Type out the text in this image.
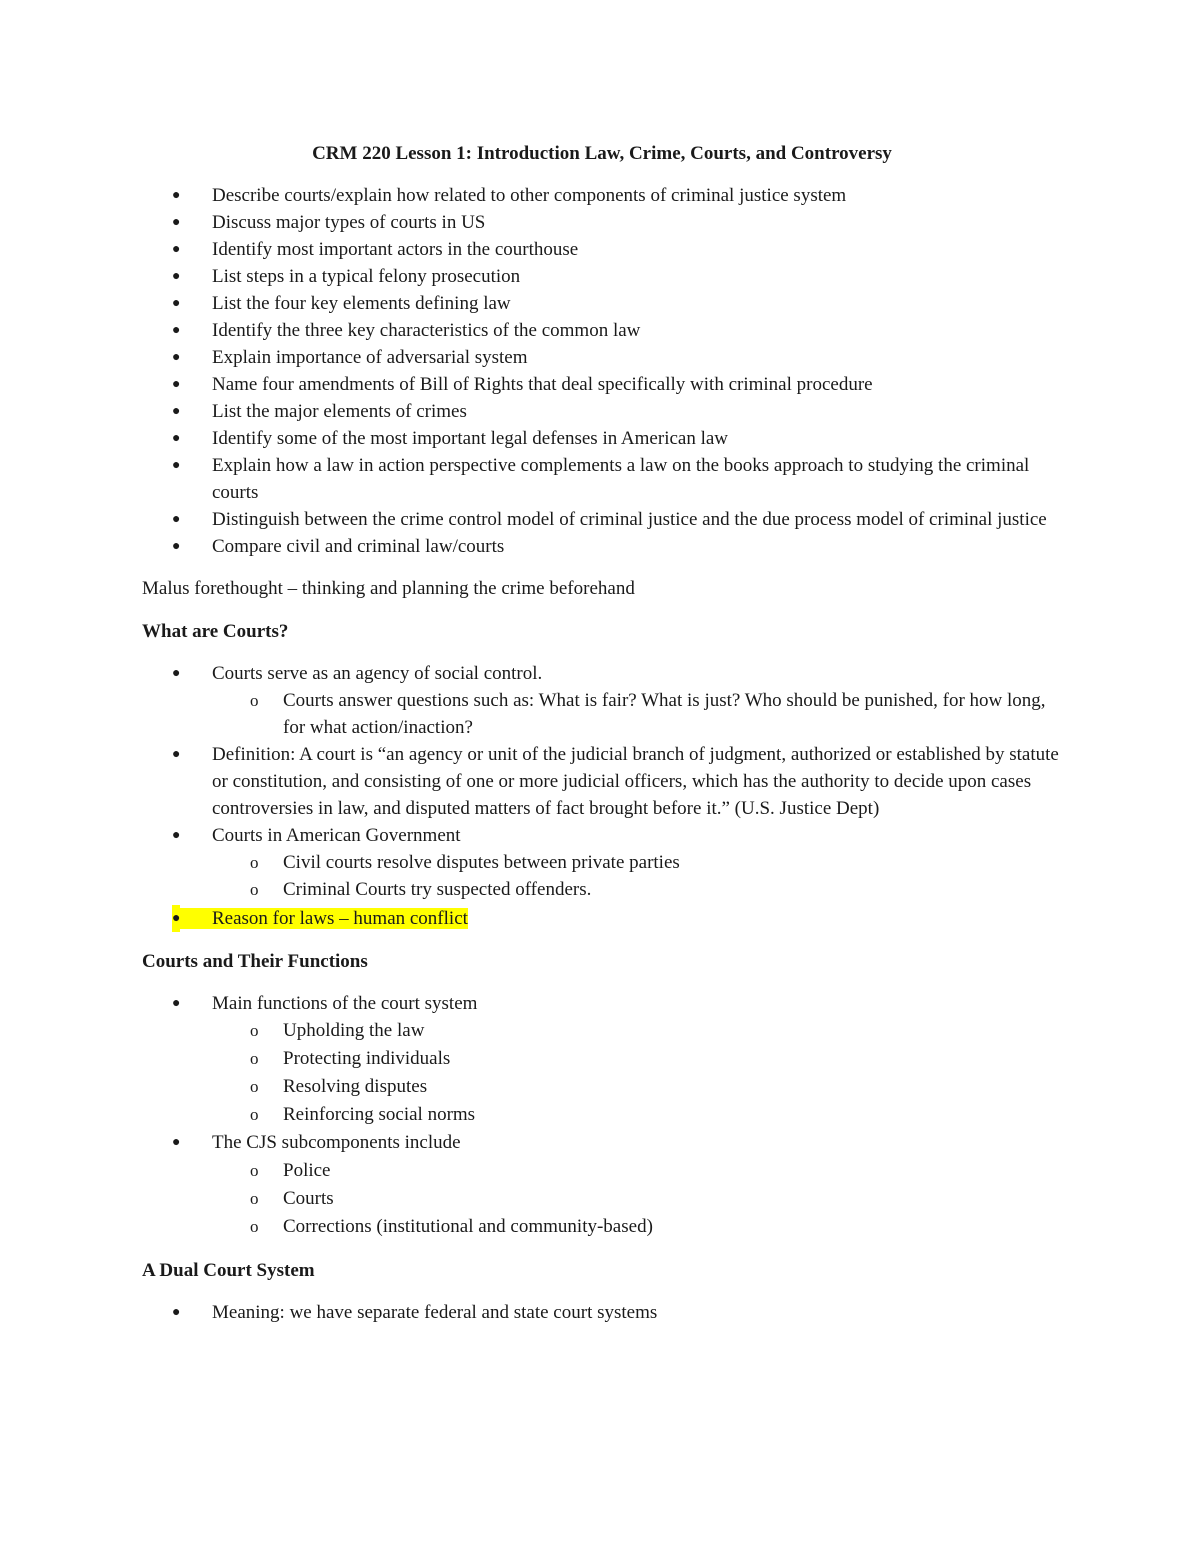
CRM 220 Lesson 1: Introduction Law, Crime, Courts, and Controversy
● Describe courts/explain how related to other components of criminal justice system
● Discuss major types of courts in US
● Identify most important actors in the courthouse
● List steps in a typical felony prosecution
● List the four key elements defining law
● Identify the three key characteristics of the common law
● Explain importance of adversarial system
● Name four amendments of Bill of Rights that deal specifically with criminal procedure
● List the major elements of crimes
● Identify some of the most important legal defenses in American law
● Explain how a law in action perspective complements a law on the books approach to studying the criminal courts
● Distinguish between the crime control model of criminal justice and the due process model of criminal justice
● Compare civil and criminal law/courts
Malus forethought – thinking and planning the crime beforehand
What are Courts?
● Courts serve as an agency of social control.
o Courts answer questions such as: What is fair? What is just? Who should be punished, for how long, for what action/inaction?
● Definition: A court is “an agency or unit of the judicial branch of judgment, authorized or established by statute or constitution, and consisting of one or more judicial officers, which has the authority to decide upon cases controversies in law, and disputed matters of fact brought before it.” (U.S. Justice Dept)
● Courts in American Government
o Civil courts resolve disputes between private parties
o Criminal Courts try suspected offenders.
● Reason for laws – human conflict
Courts and Their Functions
● Main functions of the court system
o Upholding the law
o Protecting individuals
o Resolving disputes
o Reinforcing social norms
● The CJS subcomponents include
o Police
o Courts
o Corrections (institutional and community-based)
A Dual Court System
● Meaning: we have separate federal and state court systems
